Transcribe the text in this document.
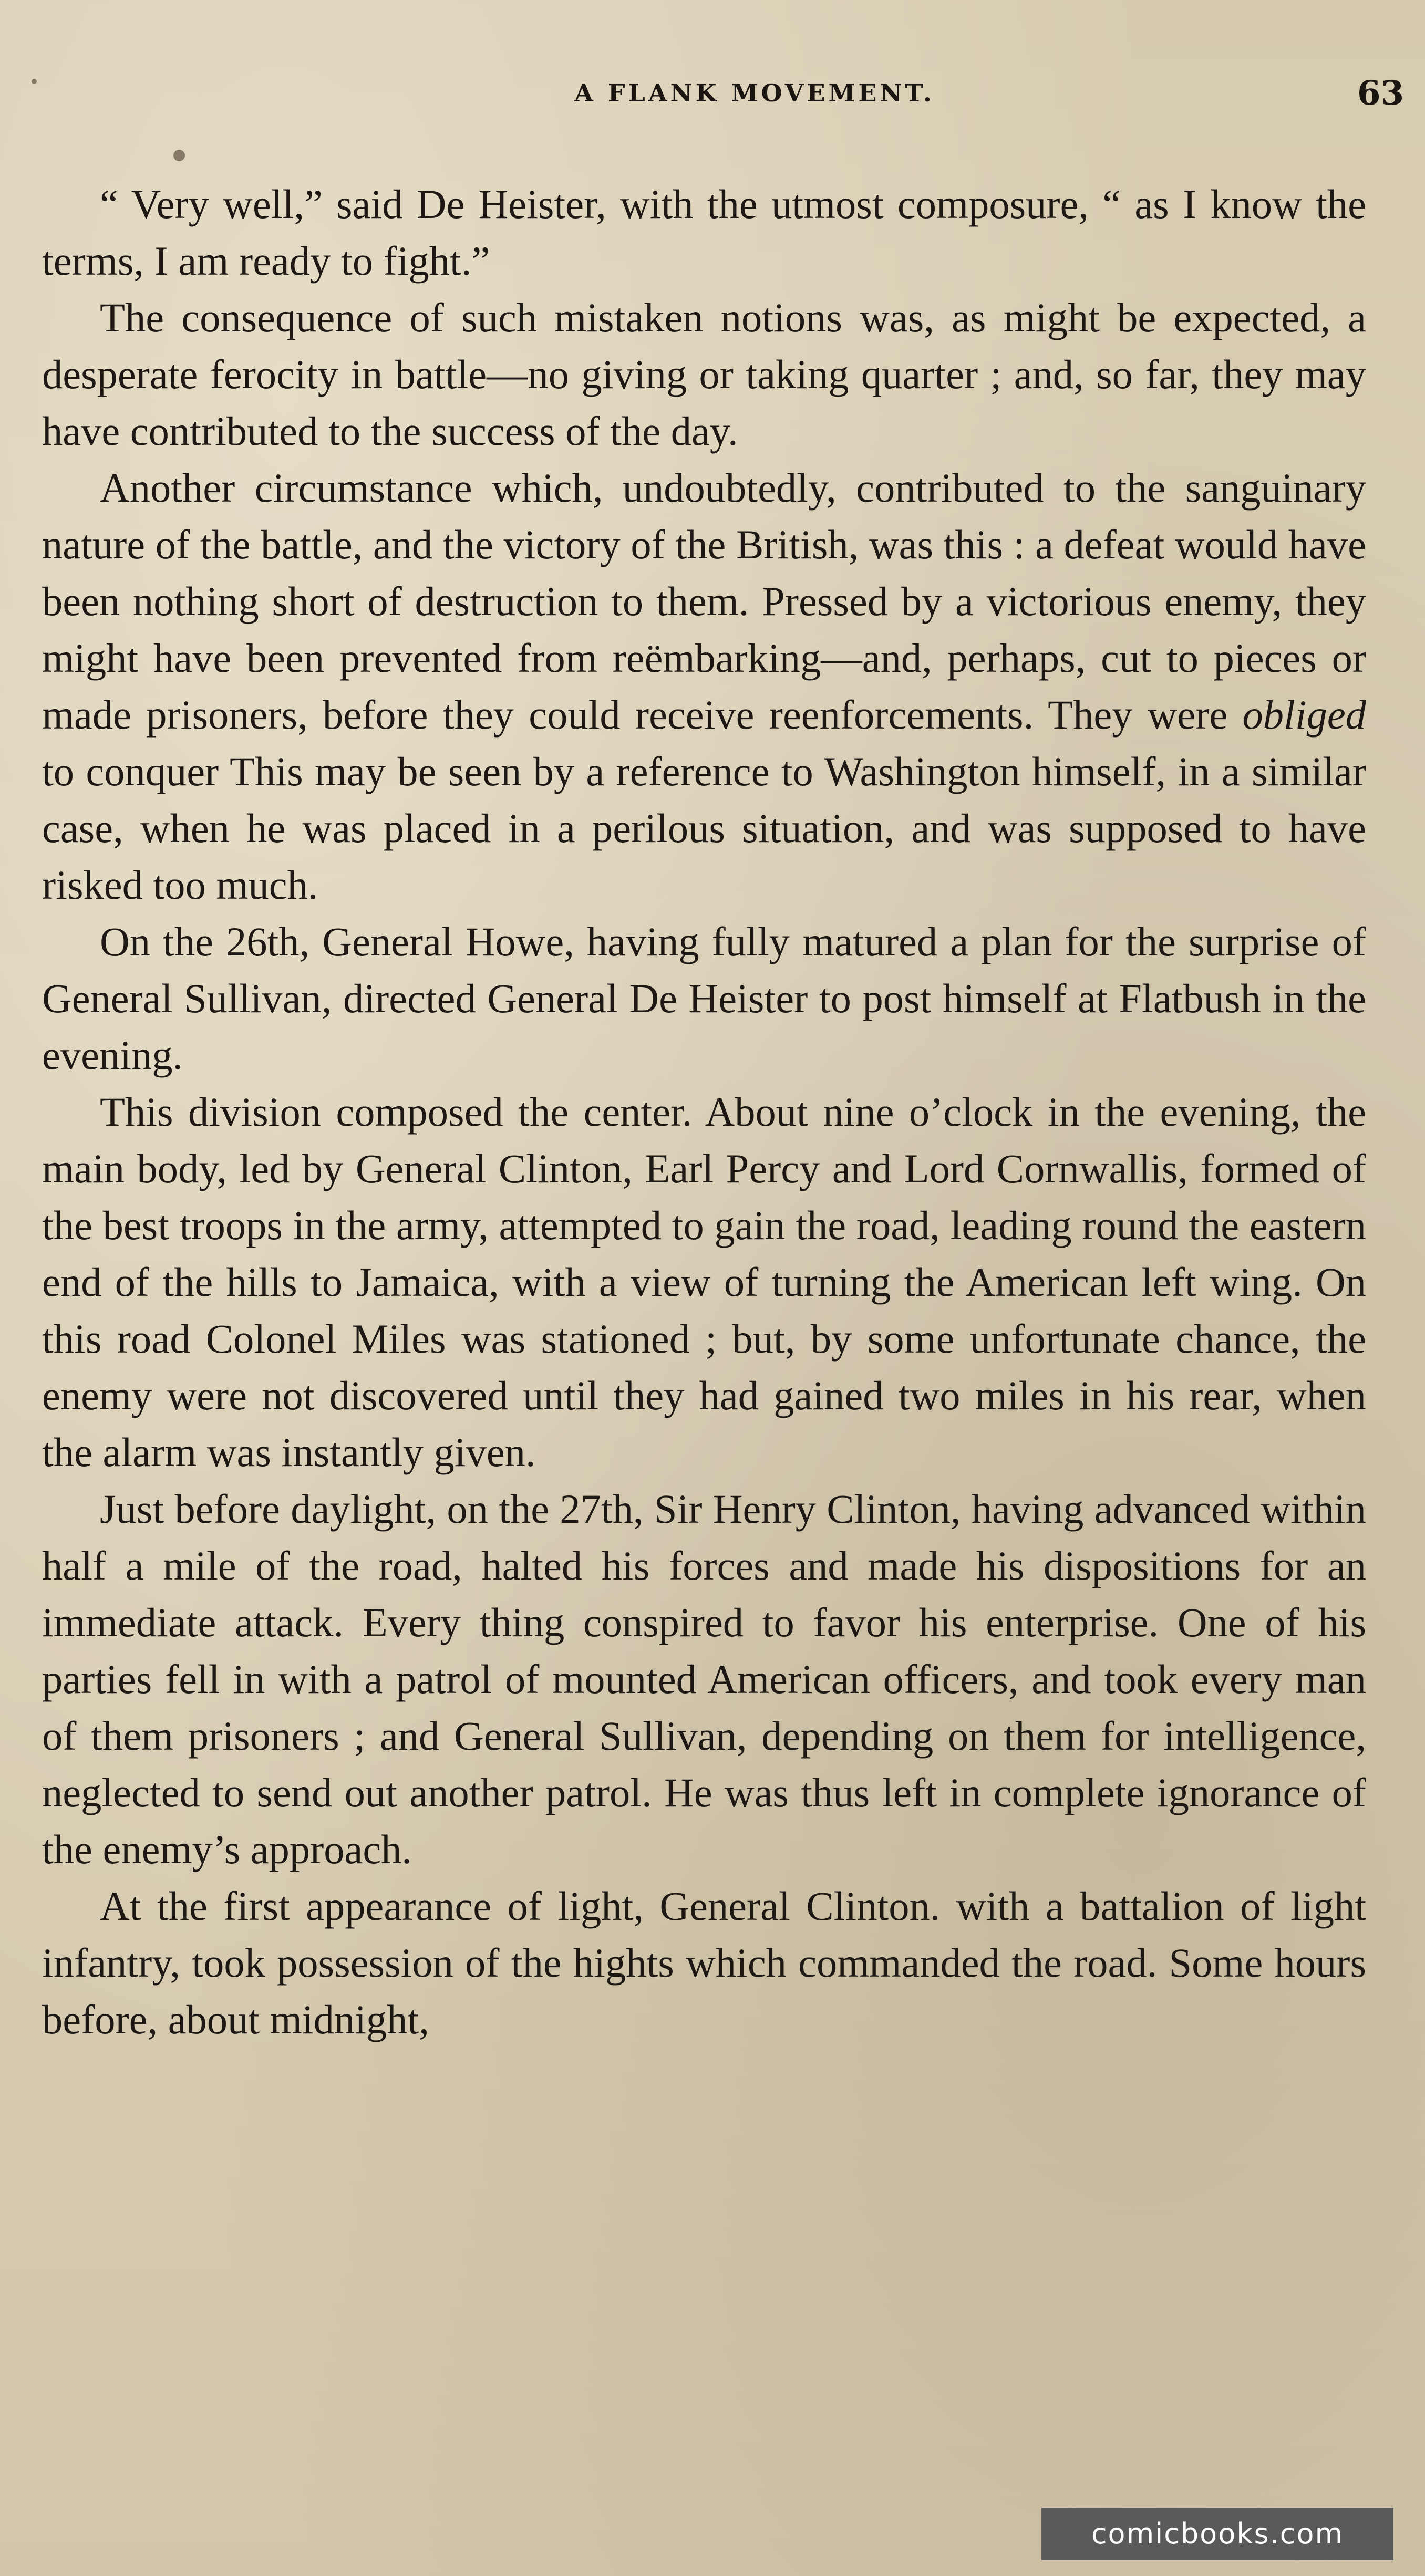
A FLANK MOVEMENT.	63

“ Very well,” said De Heister, with the utmost composure, “ as I know the terms, I am ready to fight.”

The consequence of such mistaken notions was, as might be expected, a desperate ferocity in battle—no giving or taking quarter ; and, so far, they may have contributed to the success of the day.

Another circumstance which, undoubtedly, contributed to the sanguinary nature of the battle, and the victory of the British, was this : a defeat would have been nothing short of destruction to them. Pressed by a victorious enemy, they might have been prevented from reëmbarking—and, perhaps, cut to pieces or made prisoners, before they could receive reenforcements. They were obliged to conquer This may be seen by a reference to Washington himself, in a similar case, when he was placed in a perilous situation, and was supposed to have risked too much.

On the 26th, General Howe, having fully matured a plan for the surprise of General Sullivan, directed General De Heister to post himself at Flatbush in the evening.

This division composed the center. About nine o’clock in the evening, the main body, led by General Clinton, Earl Percy and Lord Cornwallis, formed of the best troops in the army, attempted to gain the road, leading round the eastern end of the hills to Jamaica, with a view of turning the American left wing. On this road Colonel Miles was stationed ; but, by some unfortunate chance, the enemy were not discovered until they had gained two miles in his rear, when the alarm was instantly given.

Just before daylight, on the 27th, Sir Henry Clinton, having advanced within half a mile of the road, halted his forces and made his dispositions for an immediate attack. Every thing conspired to favor his enterprise. One of his parties fell in with a patrol of mounted American officers, and took every man of them prisoners ; and General Sullivan, depending on them for intelligence, neglected to send out another patrol. He was thus left in complete ignorance of the enemy’s approach.

At the first appearance of light, General Clinton. with a battalion of light infantry, took possession of the hights which commanded the road. Some hours before, about midnight,

comicbooks.com
